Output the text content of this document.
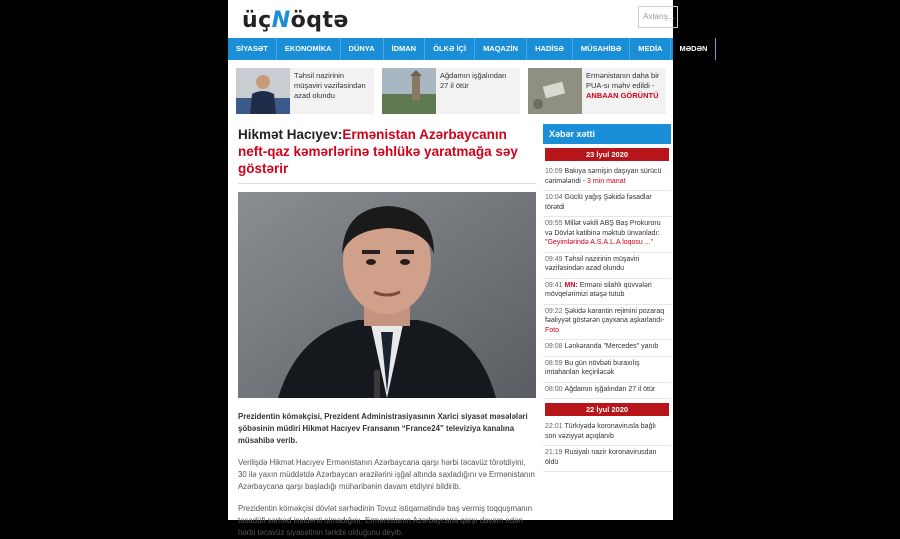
üçNöqtə	Axtarış...
SİYASƏT	EKONOMİKA	DÜNYA	İDMAN	ÖLKƏ İÇİ	MAQAZİN	HADİSƏ	MÜSAHİBƏ	MEDİA	MƏDƏN
Təhsil nazirinin müşaviri vəzifəsindən azad olundu
Ağdamın işğalından 27 il ötür
Ermənistanın daha bir PUA-sı məhv edildi - ANBAAN GÖRÜNTÜ
Hikmət Hacıyev:Ermənistan Azərbaycanın neft-qaz kəmərlərinə təhlükə yaratmağa səy göstərir
Prezidentin köməkçisi, Prezident Administrasiyasının Xarici siyasət məsələləri şöbəsinin müdiri Hikmət Hacıyev Fransanın “France24” televiziya kanalına müsahibə verib.
Verilişdə Hikmət Hacıyev Ermənistanın Azərbaycana qarşı hərbi təcavüz törətdiyini, 30 ilə yaxın müddətdə Azərbaycan ərazilərini işğal altında saxladığını və Ermənistanın Azərbaycana qarşı başladığı müharibənin davam etdiyini bildirib.
Prezidentin köməkçisi dövlət sərhədinin Tovuz istiqamətində baş vermiş toqquşmanın təsadüfi sərhəd insidenti olmadığını, Ermənistanın Azərbaycana qarşı davam edən hərbi təcavüz siyasətinin tərkibi olduğunu deyib.
Xəbər xətti
23 İyul 2020
10:09 Bakıya sərnişin daşıyan sürücü cərimələndi - 3 min manat
10:04 Güclü yağış Şəkidə fəsadlar törətdi
09:55 Millət vəkili ABŞ Baş Prokuroru və Dövlət katibinə məktub ünvanladı: "Geyimlərində A.S.A.L.A loqosu ..."
09:49 Təhsil nazirinin müşaviri vəzifəsindən azad olundu
09:41 MN: Erməni silahlı qüvvələri mövqelərimizi atəşə tutub
09:22 Şəkidə karantin rejimini pozaraq fəaliyyət göstərən çayxana aşkarlandı- Foto
09:08 Lənkəranda "Mercedes" yanıb
08:59 Bu gün növbəti buraxılış imtahanları keçiriləcək
08:00 Ağdamın işğalından 27 il ötür
22 İyul 2020
22:01 Türkiyədə koronavirusla bağlı son vəziyyət açıqlanıb
21:19 Rusiyalı nazir koronavirusdan öldü
